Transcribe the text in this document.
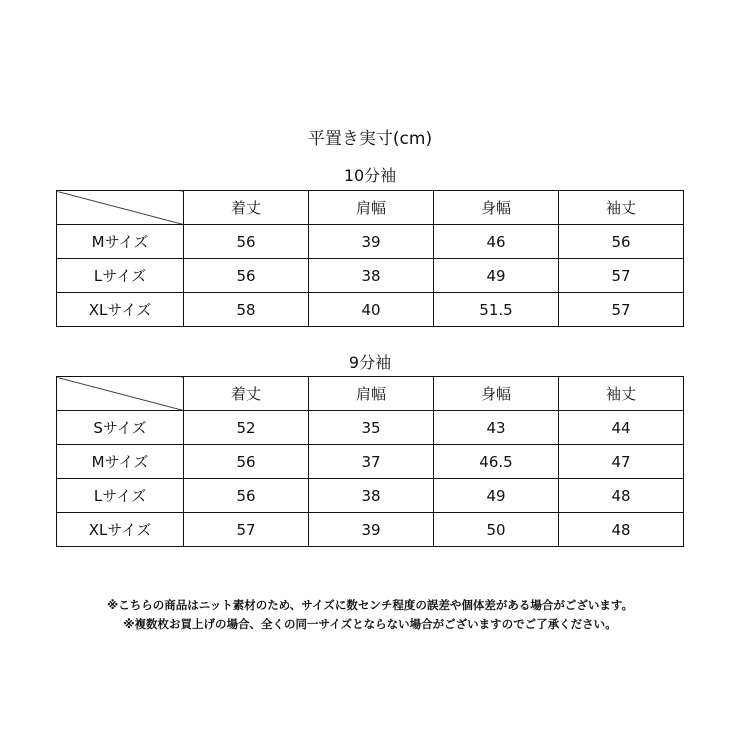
平置き実寸(cm)
10分袖
	着丈	肩幅	身幅	袖丈
Mサイズ	56	39	46	56
Lサイズ	56	38	49	57
XLサイズ	58	40	51.5	57
9分袖
	着丈	肩幅	身幅	袖丈
Sサイズ	52	35	43	44
Mサイズ	56	37	46.5	47
Lサイズ	56	38	49	48
XLサイズ	57	39	50	48
※こちらの商品はニット素材のため、サイズに数センチ程度の誤差や個体差がある場合がございます。
※複数枚お買上げの場合、全くの同一サイズとならない場合がございますのでご了承ください。
